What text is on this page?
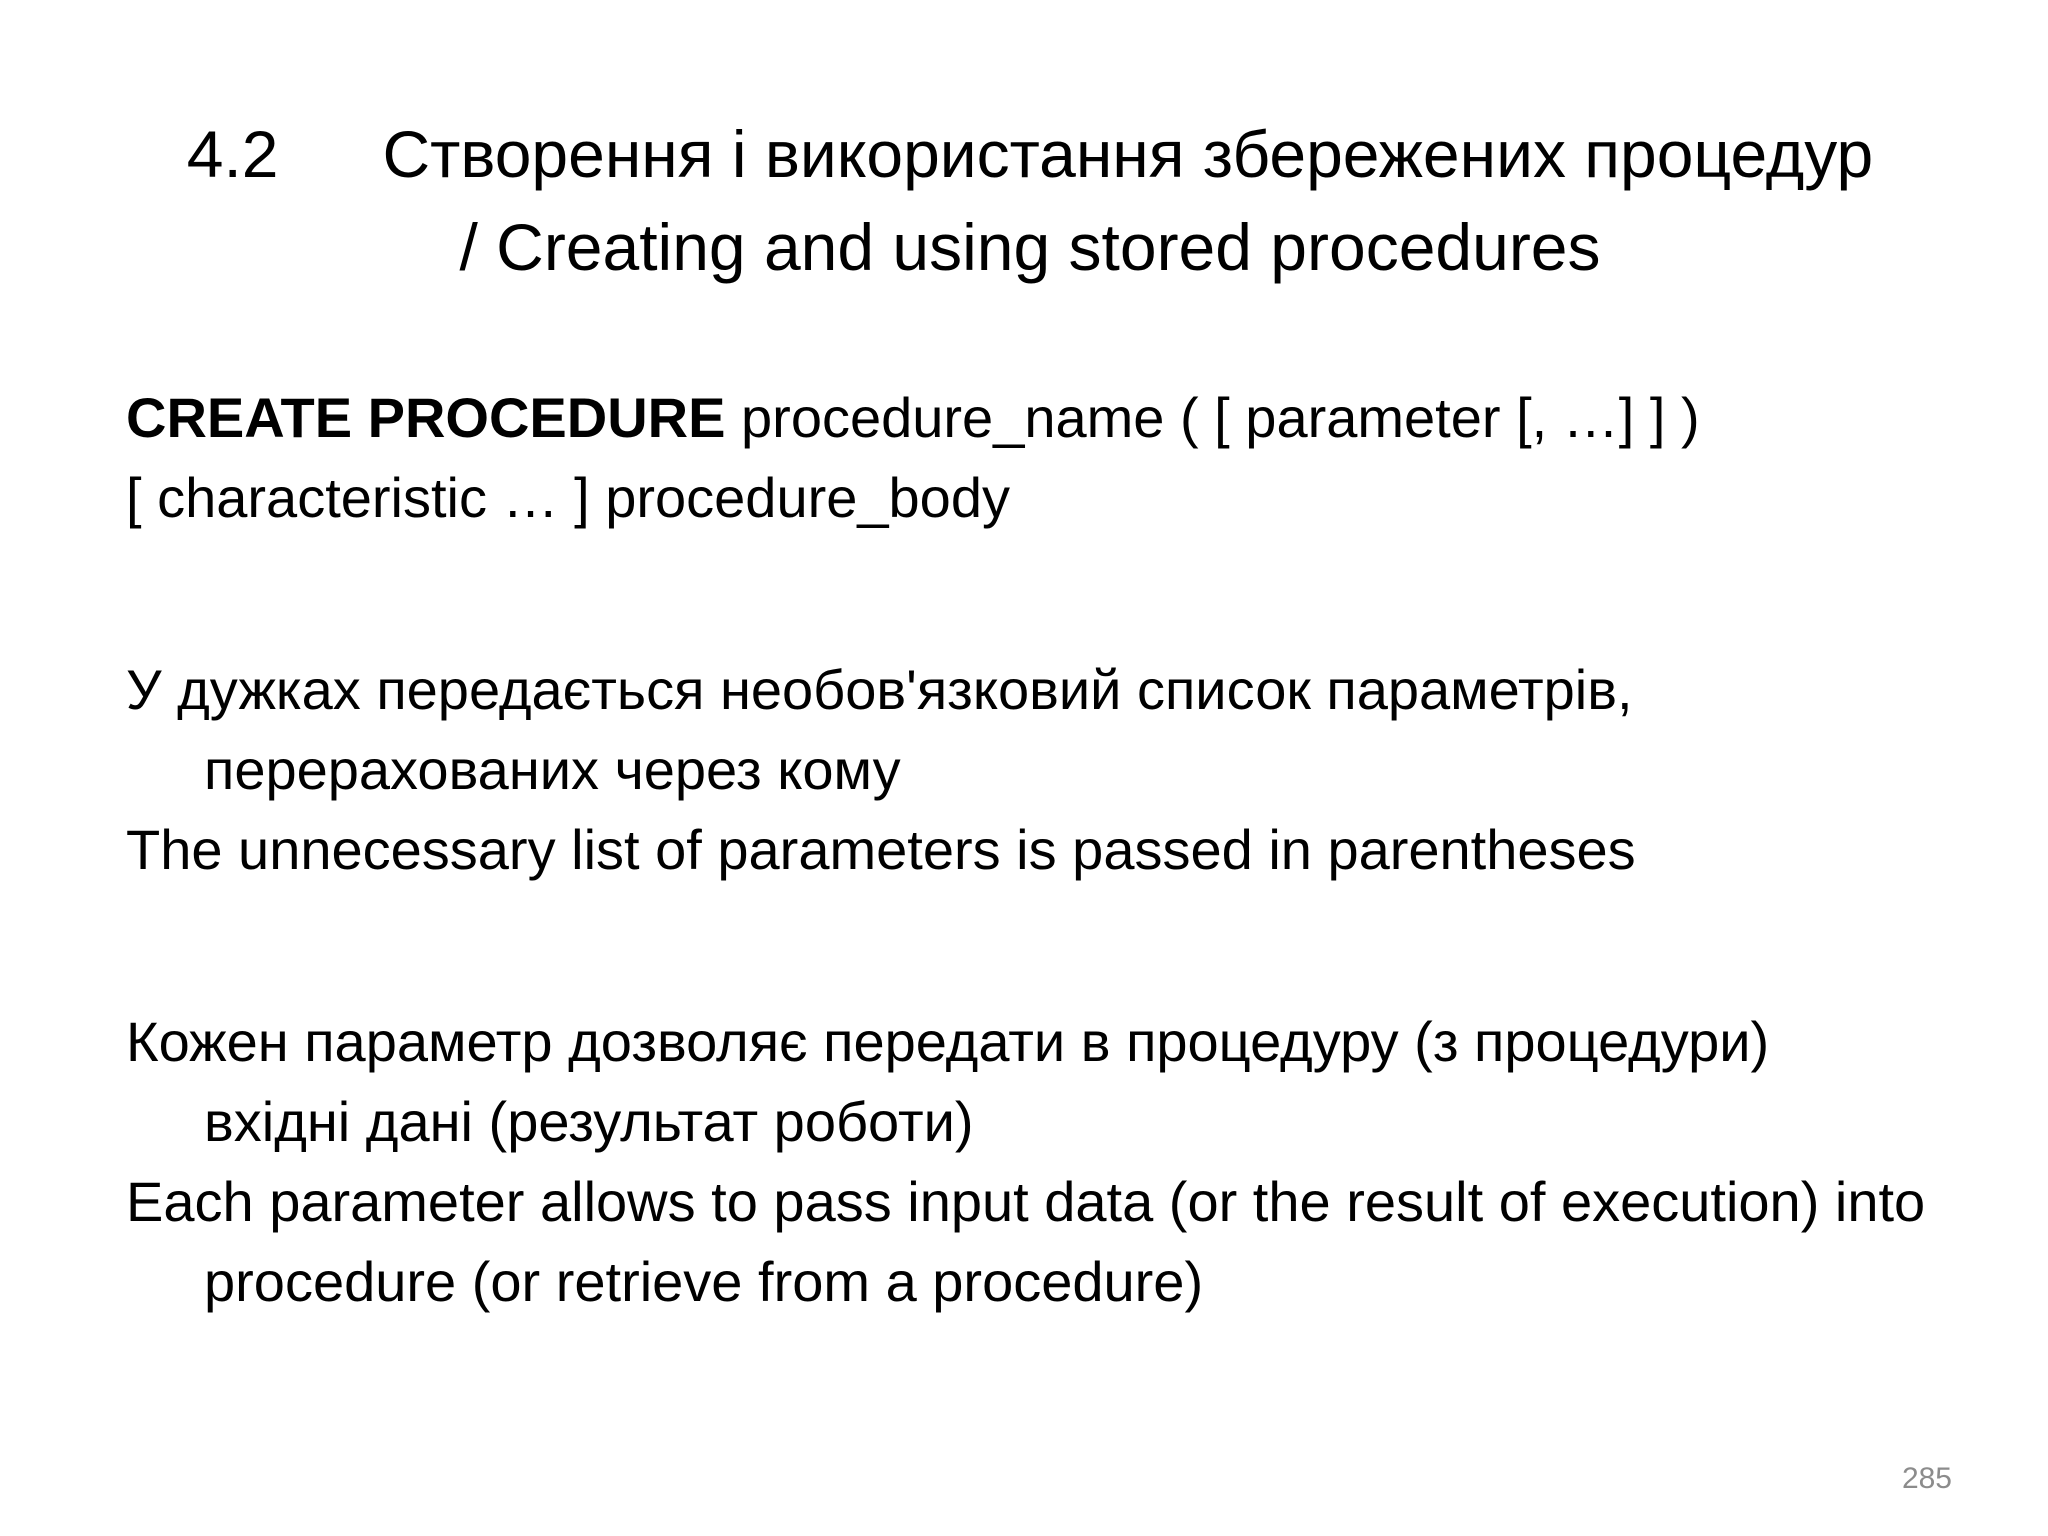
4.2 Створення і використання збережених процедур / Creating and using stored procedures

CREATE PROCEDURE procedure_name ( [ parameter [, …] ] )

[ characteristic … ] procedure_body

У дужках передається необов'язковий список параметрів, перерахованих через кому

The unnecessary list of parameters is passed in parentheses

Кожен параметр дозволяє передати в процедуру (з процедури) вхідні дані (результат роботи)

Each parameter allows to pass input data (or the result of execution) into procedure (or retrieve from a procedure)

285
